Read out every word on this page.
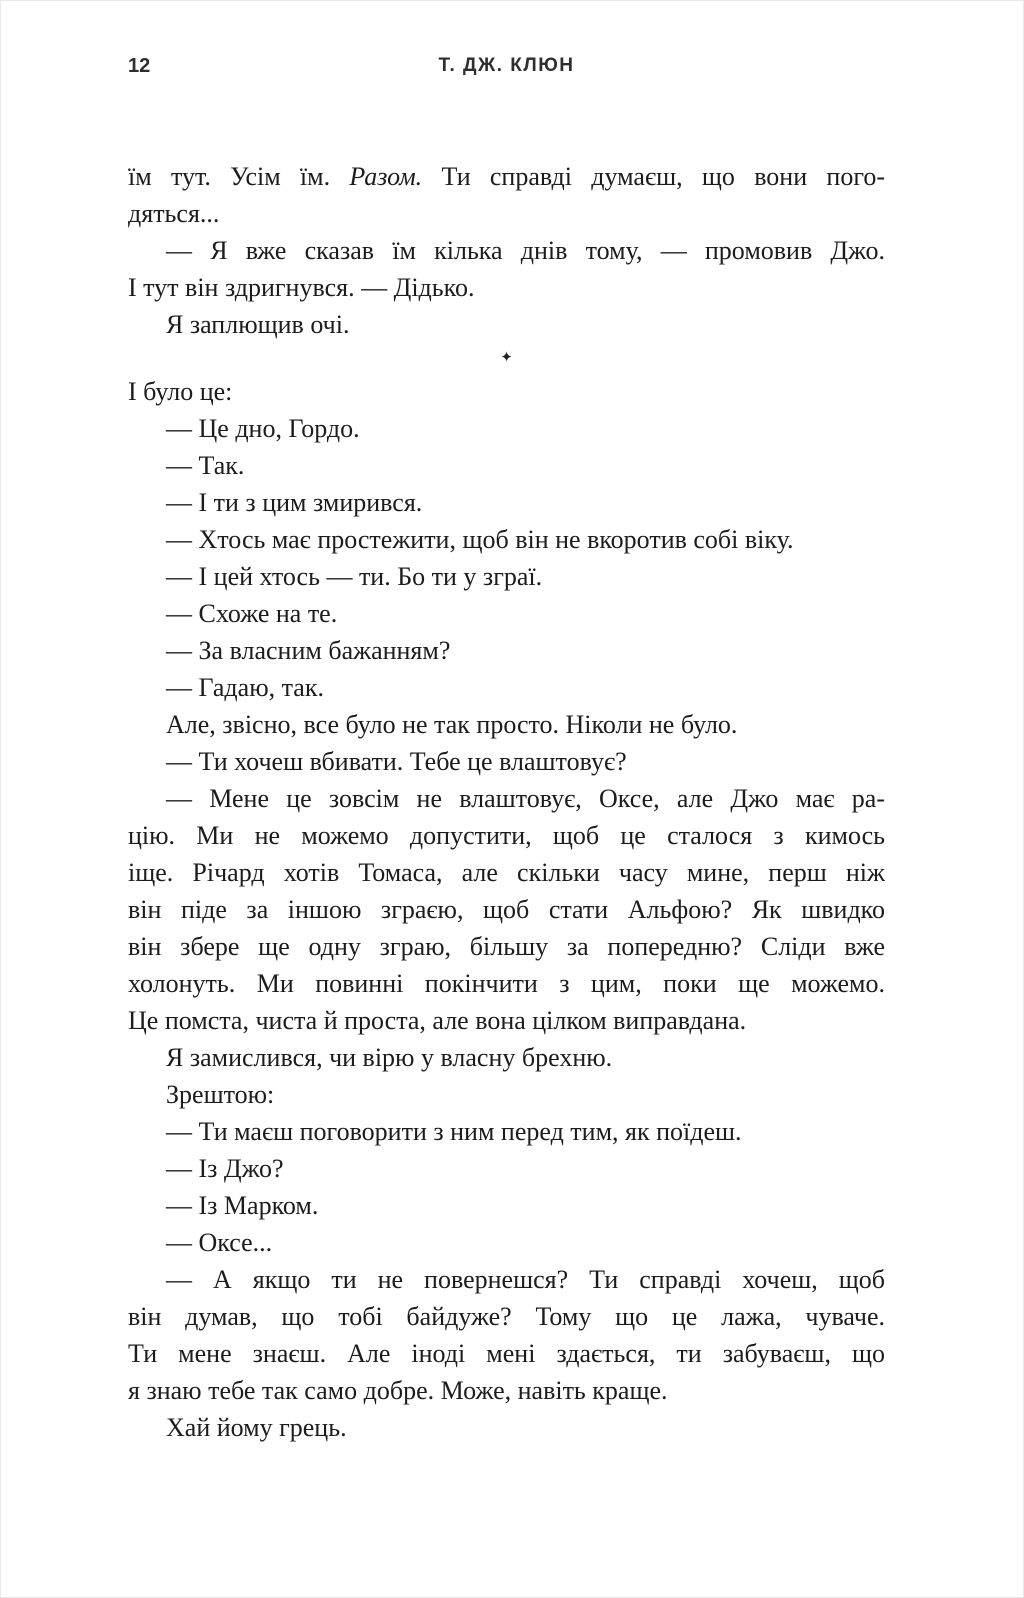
12	Т. ДЖ. КЛЮН
їм тут. Усім їм. Разом. Ти справді думаєш, що вони пого-
дяться...
— Я вже сказав їм кілька днів тому, — промовив Джо.
І тут він здригнувся. — Дідько.
Я заплющив очі.
✦
І було це:
— Це дно, Гордо.
— Так.
— І ти з цим змирився.
— Хтось має простежити, щоб він не вкоротив собі віку.
— І цей хтось — ти. Бо ти у зграї.
— Схоже на те.
— За власним бажанням?
— Гадаю, так.
Але, звісно, все було не так просто. Ніколи не було.
— Ти хочеш вбивати. Тебе це влаштовує?
— Мене це зовсім не влаштовує, Оксе, але Джо має ра-
цію. Ми не можемо допустити, щоб це сталося з кимось
іще. Річард хотів Томаса, але скільки часу мине, перш ніж
він піде за іншою зграєю, щоб стати Альфою? Як швидко
він збере ще одну зграю, більшу за попередню? Сліди вже
холонуть. Ми повинні покінчити з цим, поки ще можемо.
Це помста, чиста й проста, але вона цілком виправдана.
Я замислився, чи вірю у власну брехню.
Зрештою:
— Ти маєш поговорити з ним перед тим, як поїдеш.
— Із Джо?
— Із Марком.
— Оксе...
— А якщо ти не повернешся? Ти справді хочеш, щоб
він думав, що тобі байдуже? Тому що це лажа, чуваче.
Ти мене знаєш. Але іноді мені здається, ти забуваєш, що
я знаю тебе так само добре. Може, навіть краще.
Хай йому грець.
